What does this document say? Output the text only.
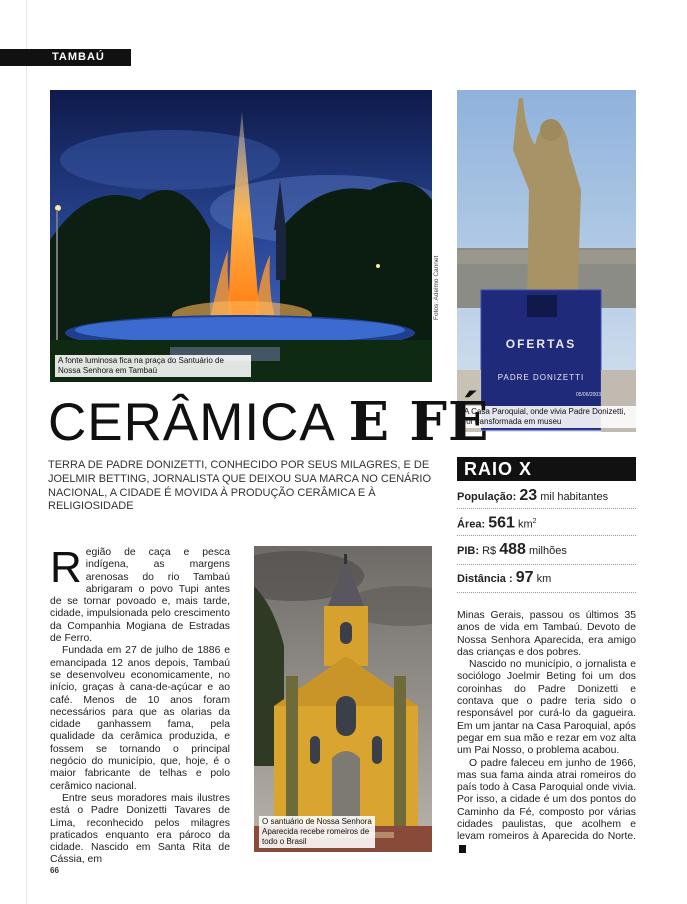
TAMBAÚ
A fonte luminosa fica na praça do Santuário de Nossa Senhora em Tambaú
Fotos: Adelmo Cannet
OFERTAS
PADRE DONIZETTI
05/06/2003
A Casa Paroquial, onde vivia Padre Donizetti, foi transformada em museu
CERÂMICA E FÉ
TERRA DE PADRE DONIZETTI, CONHECIDO POR SEUS MILAGRES, E DE JOELMIR BETTING, JORNALISTA QUE DEIXOU SUA MARCA NO CENÁRIO NACIONAL, A CIDADE É MOVIDA À PRODUÇÃO CERÂMICA E À RELIGIOSIDADE
RAIO X
População: 23 mil habitantes
Área: 561 $km^2$
PIB: R$ 488 milhões
Distância : 97 km

Região de caça e pesca indígena, as margens arenosas do rio Tambaú abrigaram o povo Tupi antes de se tornar povoado e, mais tarde, cidade, impulsionada pelo crescimento da Companhia Mogiana de Estradas de Ferro.

Fundada em 27 de julho de 1886 e emancipada 12 anos depois, Tambaú se desenvolveu economicamente, no início, graças à cana-de-açúcar e ao café. Menos de 10 anos foram necessários para que as olarias da cidade ganhassem fama, pela qualidade da cerâmica produzida, e fossem se tornando o principal negócio do município, que, hoje, é o maior fabricante de telhas e polo cerâmico nacional.

Entre seus moradores mais ilustres está o Padre Donizetti Tavares de Lima, reconhecido pelos milagres praticados enquanto era pároco da cidade. Nascido em Santa Rita de Cássia, em

O santuário de Nossa Senhora Aparecida recebe romeiros de todo o Brasil

Minas Gerais, passou os últimos 35 anos de vida em Tambaú. Devoto de Nossa Senhora Aparecida, era amigo das crianças e dos pobres.

Nascido no município, o jornalista e sociólogo Joelmir Beting foi um dos coroinhas do Padre Donizetti e contava que o padre teria sido o responsável por curá-lo da gagueira. Em um jantar na Casa Paroquial, após pegar em sua mão e rezar em voz alta um Pai Nosso, o problema acabou.

O padre faleceu em junho de 1966, mas sua fama ainda atrai romeiros do país todo à Casa Paroquial onde vivia. Por isso, a cidade é um dos pontos do Caminho da Fé, composto por várias cidades paulistas, que acolhem e levam romeiros à Aparecida do Norte.

66
